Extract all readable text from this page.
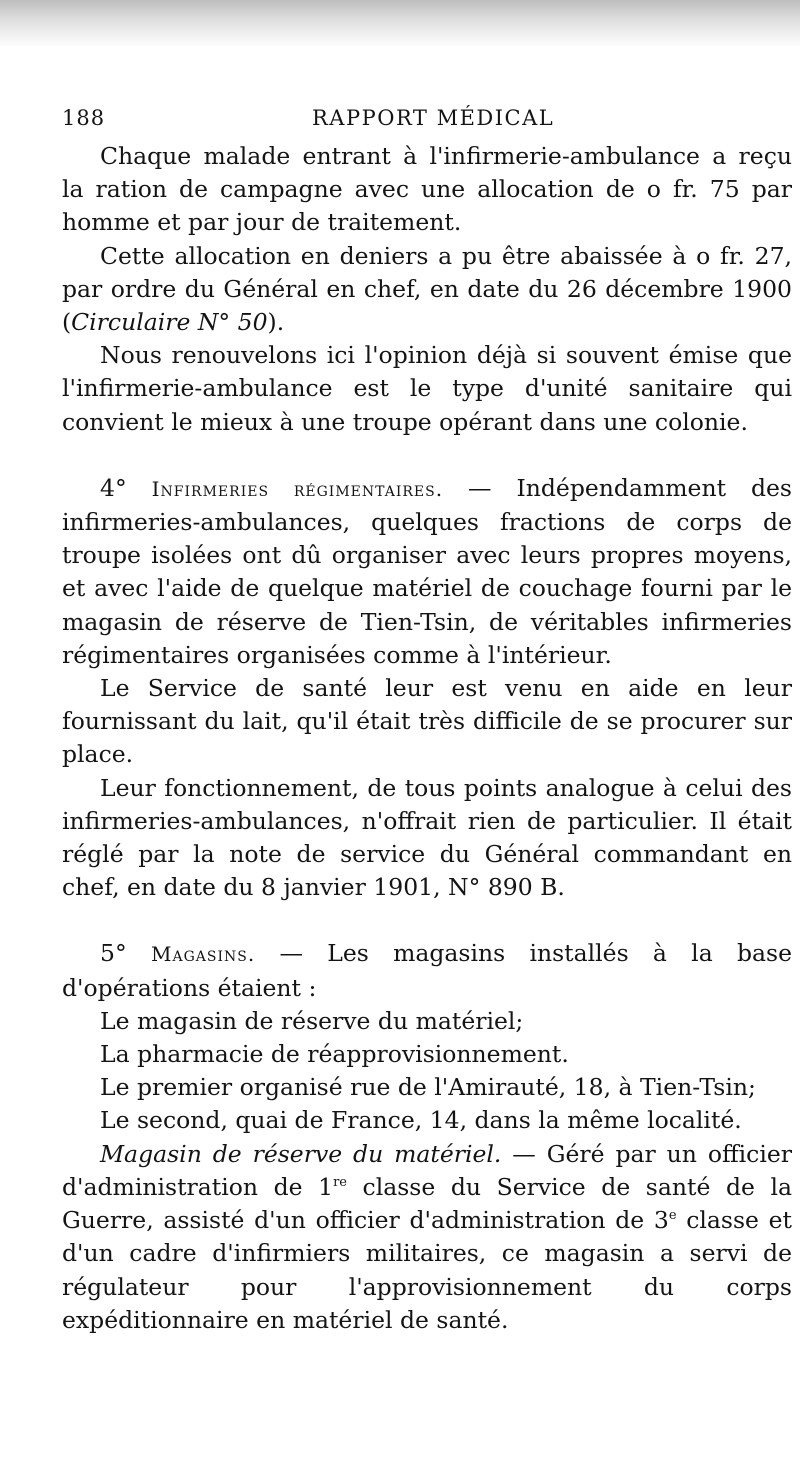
188	RAPPORT MÉDICAL

Chaque malade entrant à l'infirmerie-ambulance a reçu la ration de campagne avec une allocation de o fr. 75 par homme et par jour de traitement.

Cette allocation en deniers a pu être abaissée à o fr. 27, par ordre du Général en chef, en date du 26 décembre 1900 (Circulaire N° 50).

Nous renouvelons ici l'opinion déjà si souvent émise que l'infirmerie-ambulance est le type d'unité sanitaire qui convient le mieux à une troupe opérant dans une colonie.

4° Infirmeries régimentaires. — Indépendamment des infirmeries-ambulances, quelques fractions de corps de troupe isolées ont dû organiser avec leurs propres moyens, et avec l'aide de quelque matériel de couchage fourni par le magasin de réserve de Tien-Tsin, de véritables infirmeries régimentaires organisées comme à l'intérieur.

Le Service de santé leur est venu en aide en leur fournissant du lait, qu'il était très difficile de se procurer sur place.

Leur fonctionnement, de tous points analogue à celui des infirmeries-ambulances, n'offrait rien de particulier. Il était réglé par la note de service du Général commandant en chef, en date du 8 janvier 1901, N° 890 B.

5° Magasins. — Les magasins installés à la base d'opérations étaient :

Le magasin de réserve du matériel;

La pharmacie de réapprovisionnement.

Le premier organisé rue de l'Amirauté, 18, à Tien-Tsin;

Le second, quai de France, 14, dans la même localité.

Magasin de réserve du matériel. — Géré par un officier d'administration de 1re classe du Service de santé de la Guerre, assisté d'un officier d'administration de 3e classe et d'un cadre d'infirmiers militaires, ce magasin a servi de régulateur pour l'approvisionnement du corps expéditionnaire en matériel de santé.
